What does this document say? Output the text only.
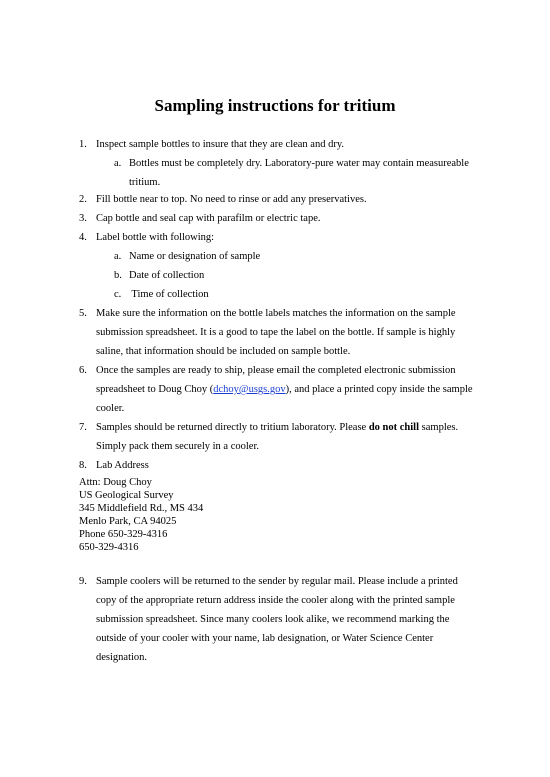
Sampling instructions for tritium
1. Inspect sample bottles to insure that they are clean and dry.
a. Bottles must be completely dry. Laboratory-pure water may contain measureable tritium.
2. Fill bottle near to top. No need to rinse or add any preservatives.
3. Cap bottle and seal cap with parafilm or electric tape.
4. Label bottle with following:
a. Name or designation of sample
b. Date of collection
c. Time of collection
5. Make sure the information on the bottle labels matches the information on the sample submission spreadsheet. It is a good to tape the label on the bottle. If sample is highly saline, that information should be included on sample bottle.
6. Once the samples are ready to ship, please email the completed electronic submission spreadsheet to Doug Choy (dchoy@usgs.gov), and place a printed copy inside the sample cooler.
7. Samples should be returned directly to tritium laboratory. Please do not chill samples. Simply pack them securely in a cooler.
8. Lab Address
Attn: Doug Choy
US Geological Survey
345 Middlefield Rd., MS 434
Menlo Park, CA 94025
Phone 650-329-4316
650-329-4316
9. Sample coolers will be returned to the sender by regular mail. Please include a printed copy of the appropriate return address inside the cooler along with the printed sample submission spreadsheet. Since many coolers look alike, we recommend marking the outside of your cooler with your name, lab designation, or Water Science Center designation.
